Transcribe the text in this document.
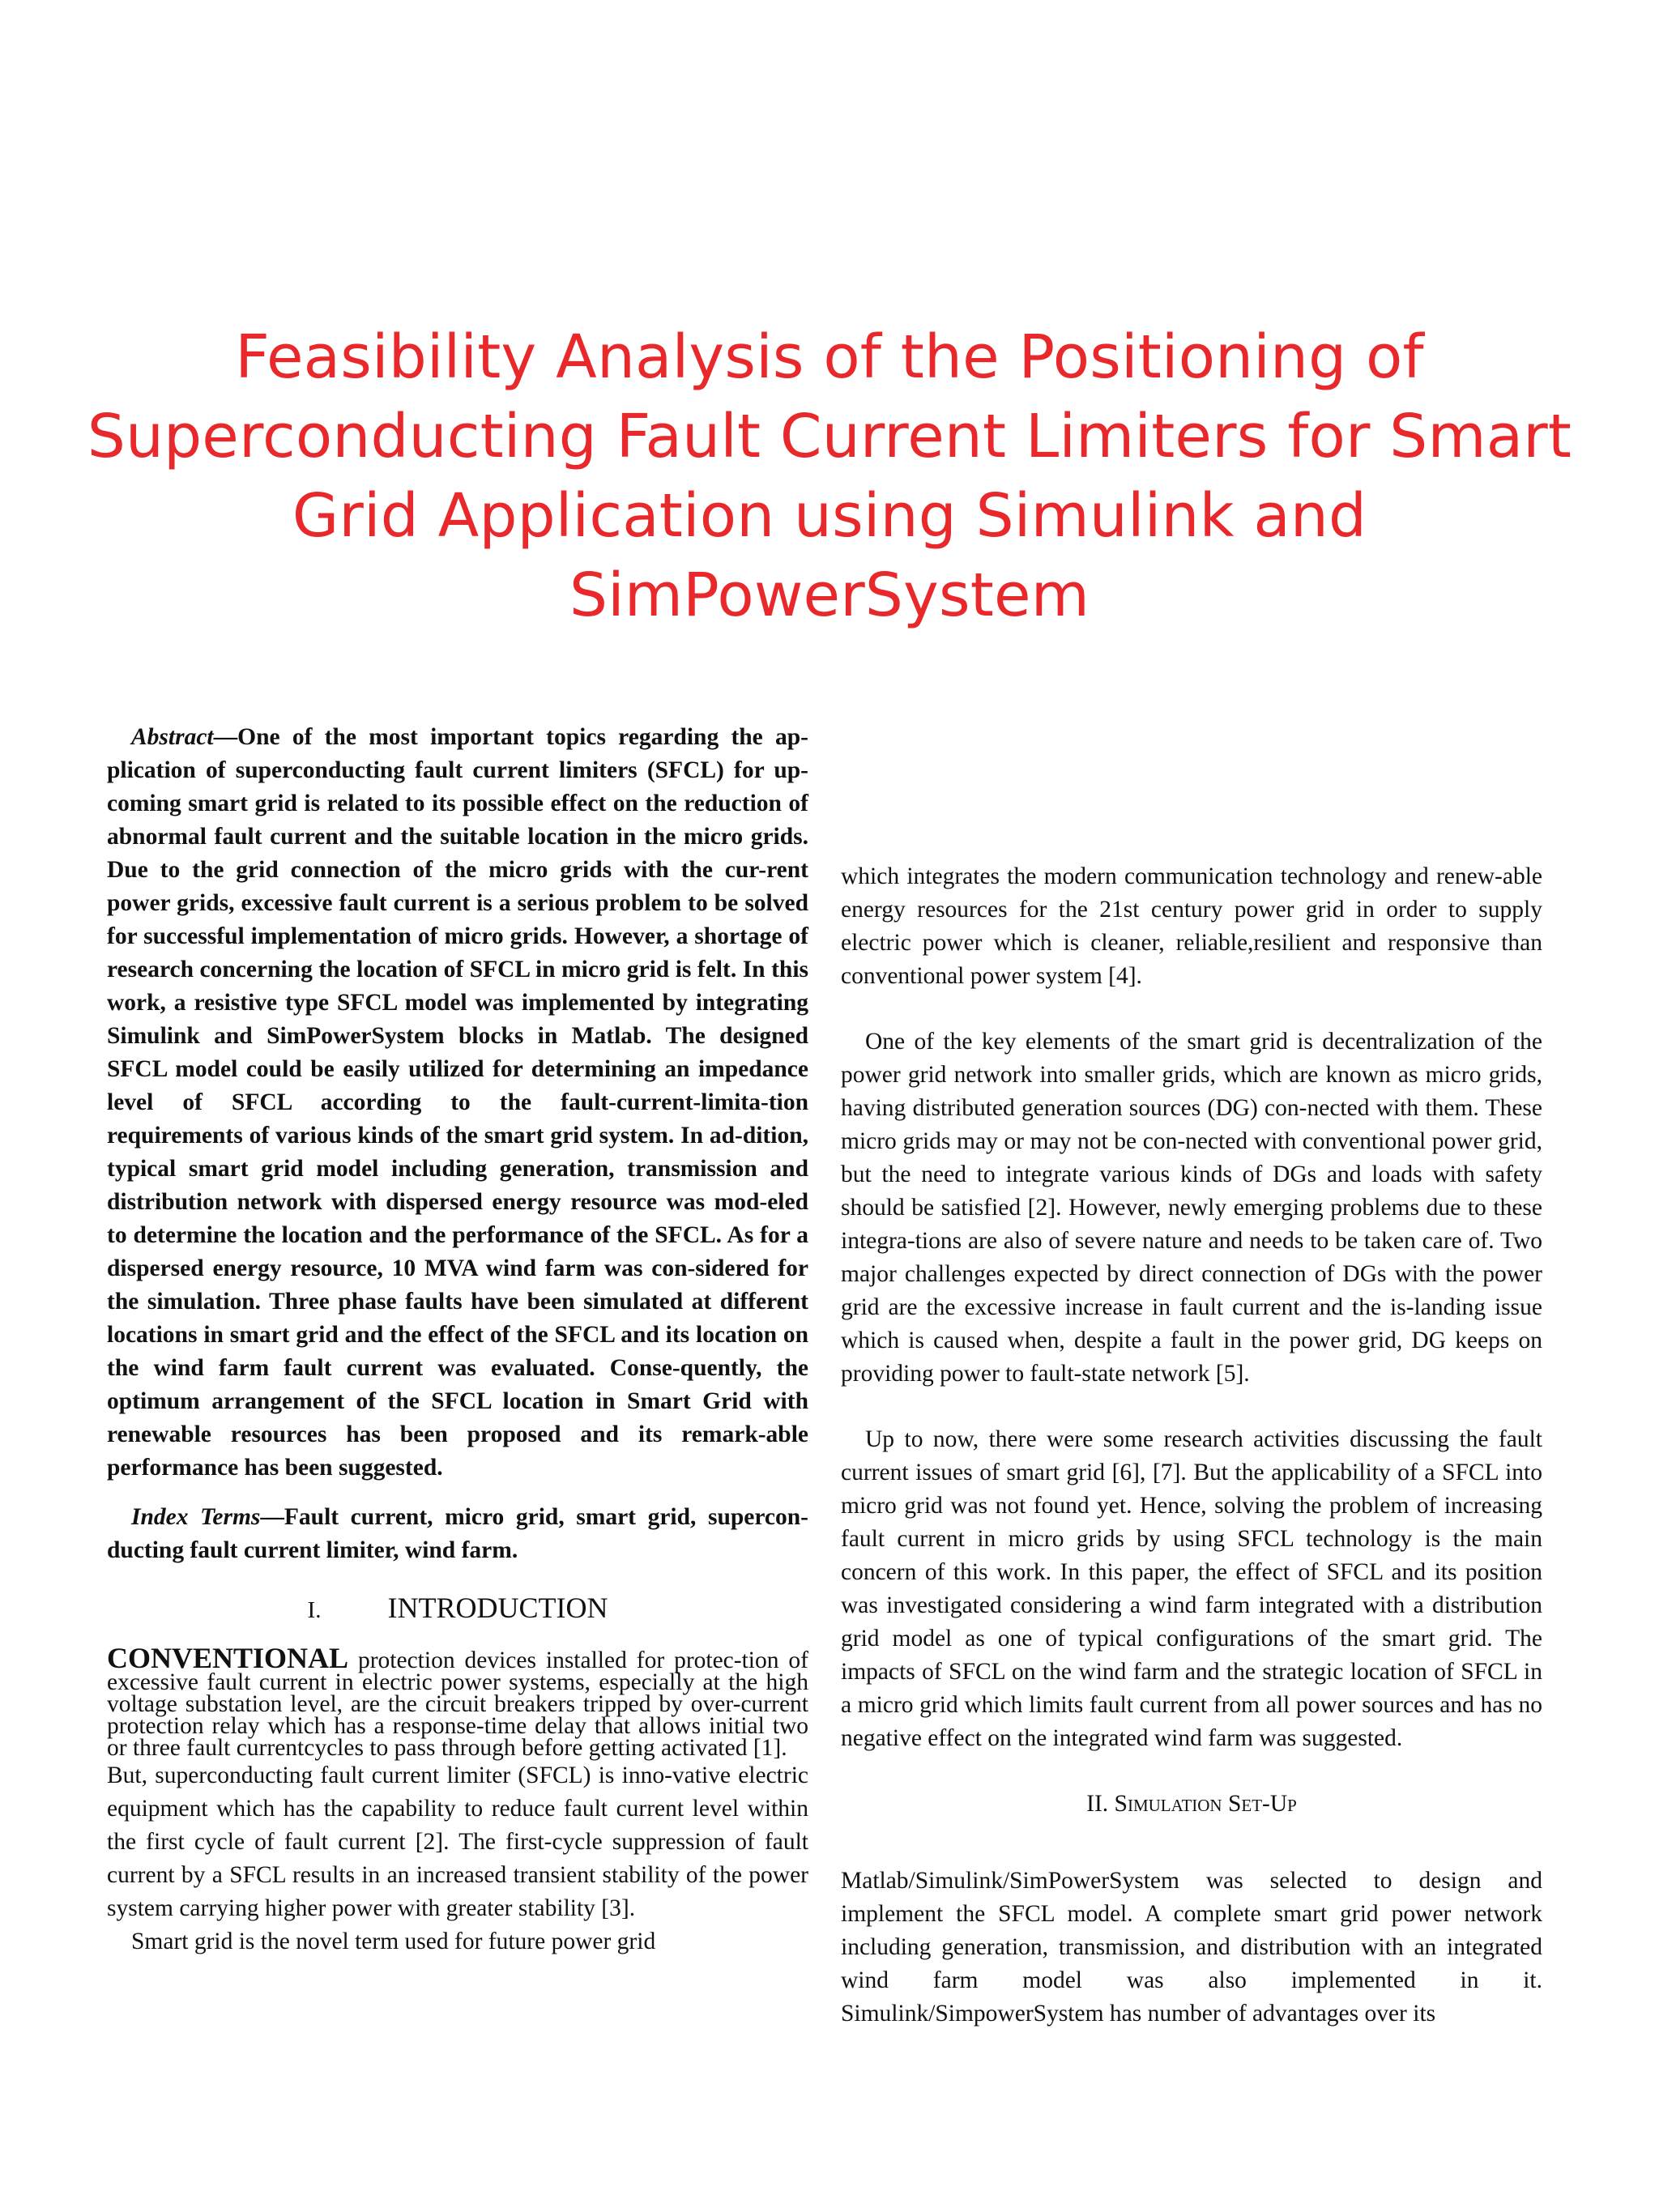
Feasibility Analysis of the Positioning of
Superconducting Fault Current Limiters for Smart
Grid Application using Simulink and
SimPowerSystem

Abstract—One of the most important topics regarding the ap-plication of superconducting fault current limiters (SFCL) for up-coming smart grid is related to its possible effect on the reduction of abnormal fault current and the suitable location in the micro grids. Due to the grid connection of the micro grids with the cur-rent power grids, excessive fault current is a serious problem to be solved for successful implementation of micro grids. However, a shortage of research concerning the location of SFCL in micro grid is felt. In this work, a resistive type SFCL model was implemented by integrating Simulink and SimPowerSystem blocks in Matlab. The designed SFCL model could be easily utilized for determining an impedance level of SFCL according to the fault-current-limita-tion requirements of various kinds of the smart grid system. In ad-dition, typical smart grid model including generation, transmission and distribution network with dispersed energy resource was mod-eled to determine the location and the performance of the SFCL. As for a dispersed energy resource, 10 MVA wind farm was con-sidered for the simulation. Three phase faults have been simulated at different locations in smart grid and the effect of the SFCL and its location on the wind farm fault current was evaluated. Conse-quently, the optimum arrangement of the SFCL location in Smart Grid with renewable resources has been proposed and its remark-able performance has been suggested.

Index Terms—Fault current, micro grid, smart grid, supercon-ducting fault current limiter, wind farm.

I. INTRODUCTION

CONVENTIONAL protection devices installed for protec-tion of excessive fault current in electric power systems, especially at the high voltage substation level, are the circuit breakers tripped by over-current protection relay which has a response-time delay that allows initial two or three fault currentcycles to pass through before getting activated [1].

But, superconducting fault current limiter (SFCL) is inno-vative electric equipment which has the capability to reduce fault current level within the first cycle of fault current [2]. The first-cycle suppression of fault current by a SFCL results in an increased transient stability of the power system carrying higher power with greater stability [3].

Smart grid is the novel term used for future power grid

which integrates the modern communication technology and renew-able energy resources for the 21st century power grid in order to supply electric power which is cleaner, reliable,resilient and responsive than conventional power system [4].

One of the key elements of the smart grid is decentralization of the power grid network into smaller grids, which are known as micro grids, having distributed generation sources (DG) con-nected with them. These micro grids may or may not be con-nected with conventional power grid, but the need to integrate various kinds of DGs and loads with safety should be satisfied [2]. However, newly emerging problems due to these integra-tions are also of severe nature and needs to be taken care of. Two major challenges expected by direct connection of DGs with the power grid are the excessive increase in fault current and the is-landing issue which is caused when, despite a fault in the power grid, DG keeps on providing power to fault-state network [5].

Up to now, there were some research activities discussing the fault current issues of smart grid [6], [7]. But the applicability of a SFCL into micro grid was not found yet. Hence, solving the problem of increasing fault current in micro grids by using SFCL technology is the main concern of this work. In this paper, the effect of SFCL and its position was investigated considering a wind farm integrated with a distribution grid model as one of typical configurations of the smart grid. The impacts of SFCL on the wind farm and the strategic location of SFCL in a micro grid which limits fault current from all power sources and has no negative effect on the integrated wind farm was suggested.

II. Simulation Set-Up

Matlab/Simulink/SimPowerSystem was selected to design and implement the SFCL model. A complete smart grid power network including generation, transmission, and distribution with an integrated wind farm model was also implemented in it. Simulink/SimpowerSystem has number of advantages over its
